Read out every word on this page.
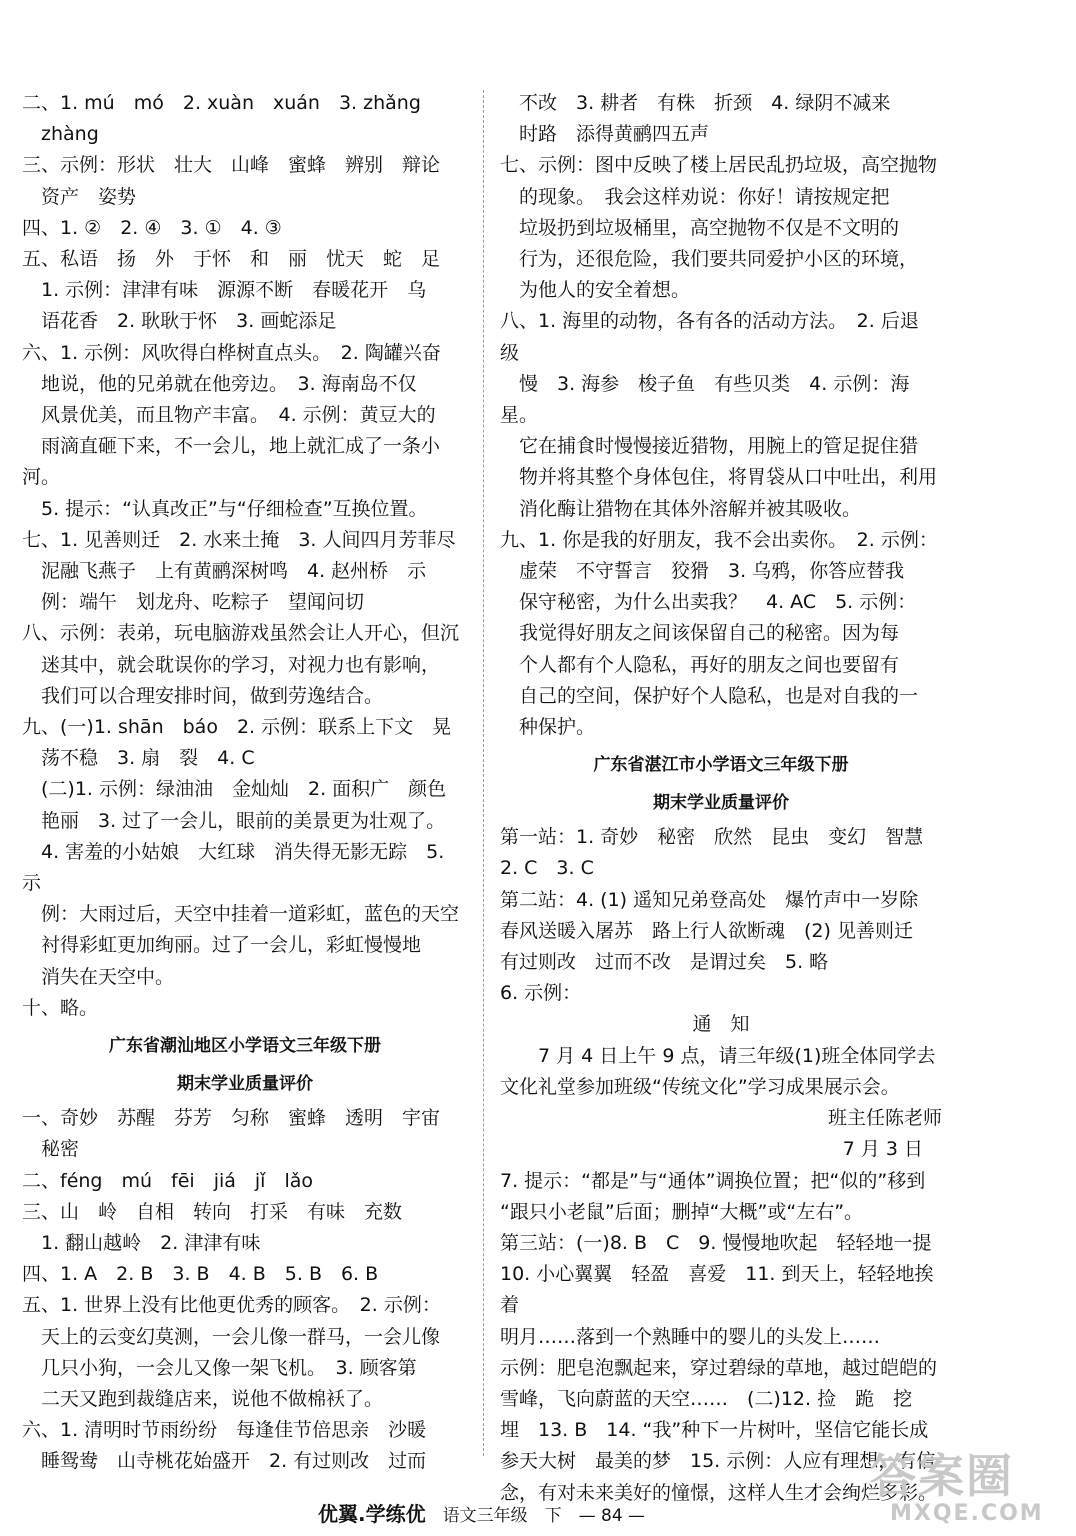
二、1. mú　mó　2. xuàn　xuán　3. zhǎng

　zhàng

三、示例：形状　壮大　山峰　蜜蜂　辨别　辩论

　资产　姿势

四、1. ②　2. ④　3. ①　4. ③

五、私语　扬　外　于怀　和　丽　忧天　蛇　足

　1. 示例：津津有味　源源不断　春暖花开　乌

　语花香　2. 耿耿于怀　3. 画蛇添足

六、1. 示例：风吹得白桦树直点头。　2. 陶罐兴奋

　地说，他的兄弟就在他旁边。　3. 海南岛不仅

　风景优美，而且物产丰富。　4. 示例：黄豆大的

　雨滴直砸下来，不一会儿，地上就汇成了一条小河。

　5. 提示：“认真改正”与“仔细检查”互换位置。

七、1. 见善则迁　2. 水来土掩　3. 人间四月芳菲尽

　泥融飞燕子　上有黄鹂深树鸣　4. 赵州桥　示

　例：端午　划龙舟、吃粽子　望闻问切

八、示例：表弟，玩电脑游戏虽然会让人开心，但沉

　迷其中，就会耽误你的学习，对视力也有影响，

　我们可以合理安排时间，做到劳逸结合。

九、(一)1. shān　báo　2. 示例：联系上下文　晃

　荡不稳　3. 扇　裂　4. C

　(二)1. 示例：绿油油　金灿灿　2. 面积广　颜色

　艳丽　3. 过了一会儿，眼前的美景更为壮观了。

　4. 害羞的小姑娘　大红球　消失得无影无踪　5. 示

　例：大雨过后，天空中挂着一道彩虹，蓝色的天空

　衬得彩虹更加绚丽。过了一会儿，彩虹慢慢地

　消失在天空中。

十、略。

广东省潮汕地区小学语文三年级下册
期末学业质量评价

一、奇妙　苏醒　芬芳　匀称　蜜蜂　透明　宇宙

　秘密

二、féng　mú　fēi　jiá　jǐ　lǎo

三、山　岭　自相　转向　打采　有味　充数

　1. 翻山越岭　2. 津津有味

四、1. A　2. B　3. B　4. B　5. B　6. B

五、1. 世界上没有比他更优秀的顾客。　2. 示例：

　天上的云变幻莫测，一会儿像一群马，一会儿像

　几只小狗，一会儿又像一架飞机。　3. 顾客第

　二天又跑到裁缝店来，说他不做棉袄了。

六、1. 清明时节雨纷纷　每逢佳节倍思亲　沙暖

　睡鸳鸯　山寺桃花始盛开　2. 有过则改　过而

　不改　3. 耕者　有株　折颈　4. 绿阴不减来

　时路　添得黄鹂四五声

七、示例：图中反映了楼上居民乱扔垃圾，高空抛物

　的现象。　我会这样劝说：你好！请按规定把

　垃圾扔到垃圾桶里，高空抛物不仅是不文明的

　行为，还很危险，我们要共同爱护小区的环境，

　为他人的安全着想。

八、1. 海里的动物，各有各的活动方法。　2. 后退　级

　慢　3. 海参　梭子鱼　有些贝类　4. 示例：海星。

　它在捕食时慢慢接近猎物，用腕上的管足捉住猎

　物并将其整个身体包住，将胃袋从口中吐出，利用

　消化酶让猎物在其体外溶解并被其吸收。

九、1. 你是我的好朋友，我不会出卖你。　2. 示例：

　虚荣　不守誓言　狡猾　3. 乌鸦，你答应替我

　保守秘密，为什么出卖我？　4. AC　5. 示例：

　我觉得好朋友之间该保留自己的秘密。因为每

　个人都有个人隐私，再好的朋友之间也要留有

　自己的空间，保护好个人隐私，也是对自我的一

　种保护。

广东省湛江市小学语文三年级下册
期末学业质量评价

第一站：1. 奇妙　秘密　欣然　昆虫　变幻　智慧

2. C　3. C

第二站：4. (1) 遥知兄弟登高处　爆竹声中一岁除

春风送暖入屠苏　路上行人欲断魂　(2) 见善则迁

有过则改　过而不改　是谓过矣　5. 略

6. 示例：

通　知

　　7 月 4 日上午 9 点，请三年级(1)班全体同学去

文化礼堂参加班级“传统文化”学习成果展示会。

班主任陈老师

7 月 3 日　

7. 提示：“都是”与“通体”调换位置；把“似的”移到

“跟只小老鼠”后面；删掉“大概”或“左右”。

第三站：(一)8. B　C　9. 慢慢地吹起　轻轻地一提

10. 小心翼翼　轻盈　喜爱　11. 到天上，轻轻地挨着

明月……落到一个熟睡中的婴儿的头发上……

示例：肥皂泡飘起来，穿过碧绿的草地，越过皑皑的

雪峰，飞向蔚蓝的天空……　(二)12. 捡　跪　挖

埋　13. B　14. “我”种下一片树叶，坚信它能长成

参天大树　最美的梦　15. 示例：人应有理想，有信

念，有对未来美好的憧憬，这样人生才会绚烂多彩。

优翼.学练优　 语文三年级　 下　 — 84 —
答案圈
MXQE.COM
